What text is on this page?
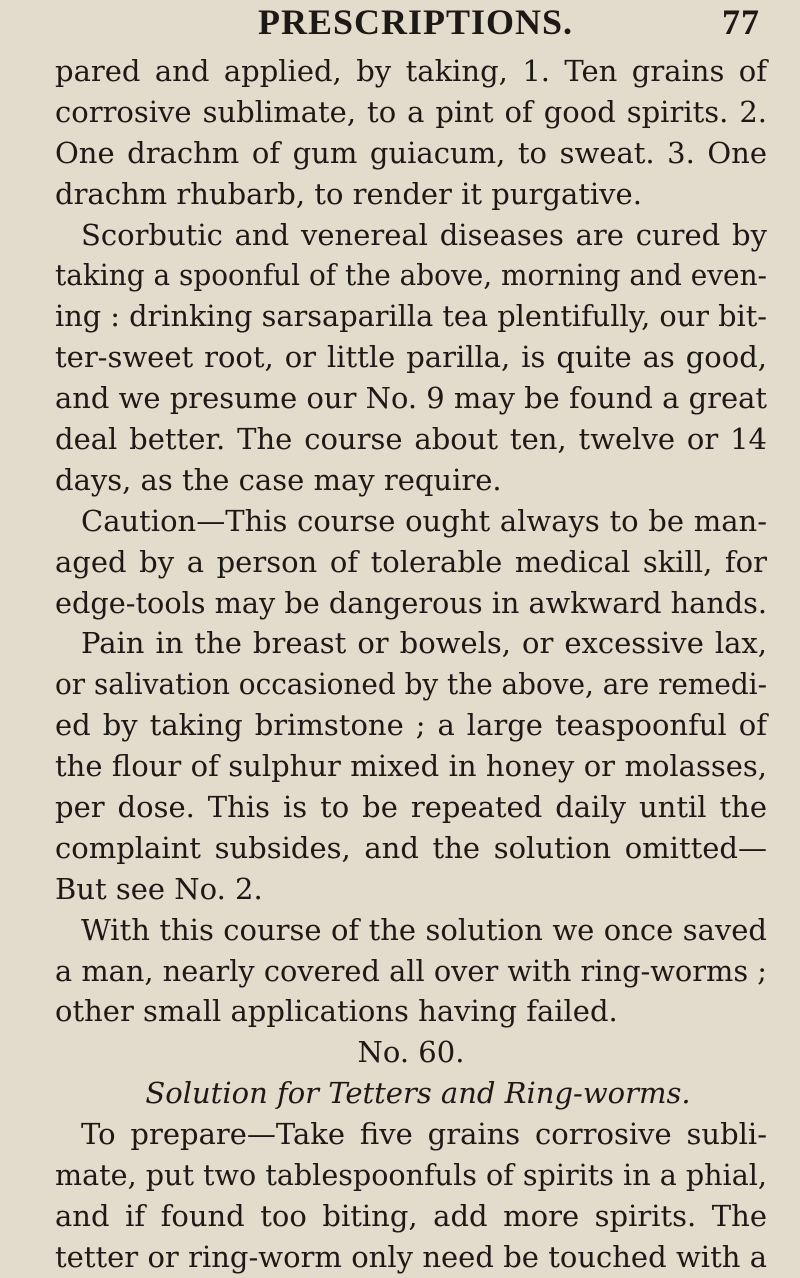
PRESCRIPTIONS.	77
pared and applied, by taking, 1. Ten grains of
corrosive sublimate, to a pint of good spirits. 2.
One drachm of gum guiacum, to sweat. 3. One
drachm rhubarb, to render it purgative.
Scorbutic and venereal diseases are cured by
taking a spoonful of the above, morning and even-
ing : drinking sarsaparilla tea plentifully, our bit-
ter-sweet root, or little parilla, is quite as good,
and we presume our No. 9 may be found a great
deal better. The course about ten, twelve or 14
days, as the case may require.
Caution—This course ought always to be man-
aged by a person of tolerable medical skill, for
edge-tools may be dangerous in awkward hands.
Pain in the breast or bowels, or excessive lax,
or salivation occasioned by the above, are remedi-
ed by taking brimstone ; a large teaspoonful of
the flour of sulphur mixed in honey or molasses,
per dose. This is to be repeated daily until the
complaint subsides, and the solution omitted—
But see No. 2.
With this course of the solution we once saved
a man, nearly covered all over with ring-worms ;
other small applications having failed.
No. 60.
Solution for Tetters and Ring-worms.
To prepare—Take five grains corrosive subli-
mate, put two tablespoonfuls of spirits in a phial,
and if found too biting, add more spirits. The
tetter or ring-worm only need be touched with a
